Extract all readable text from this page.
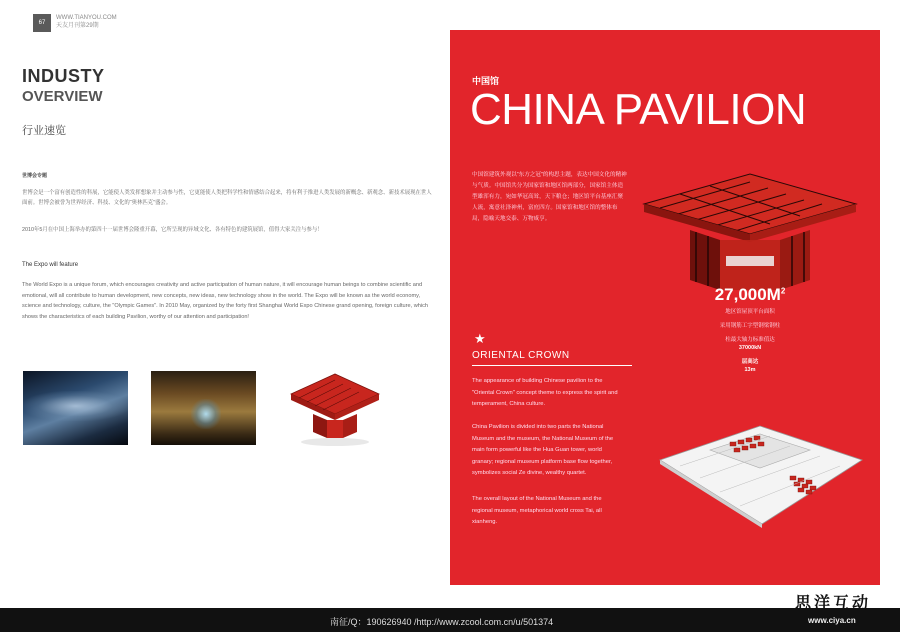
67
WWW.TIANYOU.COM
天友月刊第29期
INDUSTY
OVERVIEW
行业速览
世博会专题
世博会是一个富有创造性的科展，它能使人类发挥想象并主动参与性，它更能使人类把科学性和情感结合起来，将有利于推进人类发展的新概念、新观念、新技术展现在世人面前。世博会被誉为世界经济、科技、文化的“奥林匹克”盛会。
2010年5月在中国上海举办的第四十一届世博会隆重开幕，它所呈现的异域文化、各有特色的建筑展馆，值得大家关注与参与！
The Expo will feature
The World Expo is a unique forum, which encourages creativity and active participation of human nature, it will encourage human beings to combine scientific and emotional, will all contribute to human development, new concepts, new ideas, new technology show in the world. The Expo will be known as the world economy, science and technology, culture, the "Olympic Games". In 2010 May, organized by the forty first Shanghai World Expo Chinese grand opening, foreign culture, which shows the characteristics of each building Pavilion, worthy of our attention and participation!
中国馆
CHINA PAVILION
中国馆建筑外观以“东方之冠”的构思主题，表达中国文化的精神与气质。中国馆共分为国家馆和地区馆两部分，国家馆主体造型雄浑有力，宛如华冠高耸，天下粮仓；地区馆平台基座汇聚人流，寓意社泽神州，富庶四方。国家馆和地区馆的整体布局，隐喻天地交泰、万物咸亨。
$27,000M^2$
地区馆屋顶平台面积
采用钢筋工字型钢梁钢柱
柱最大轴力标准值达
37000kN
层高达
13m
★
ORIENTAL CROWN
The appearance of building Chinese pavilion to the "Oriental Crown" concept theme to express the spirit and temperament, China culture.
China Pavilion is divided into two parts the National Museum and the museum, the National Museum of the main form powerful like the Hua Guan tower, world granary; regional museum platform base flow together, symbolizes social Ze divine, wealthy quartet.
The overall layout of the National Museum and the regional museum, metaphorical world cross Tai, all xianheng.
南征/Q：190626940 /http://www.zcool.com.cn/u/501374
思洋互动
www.ciya.cn
